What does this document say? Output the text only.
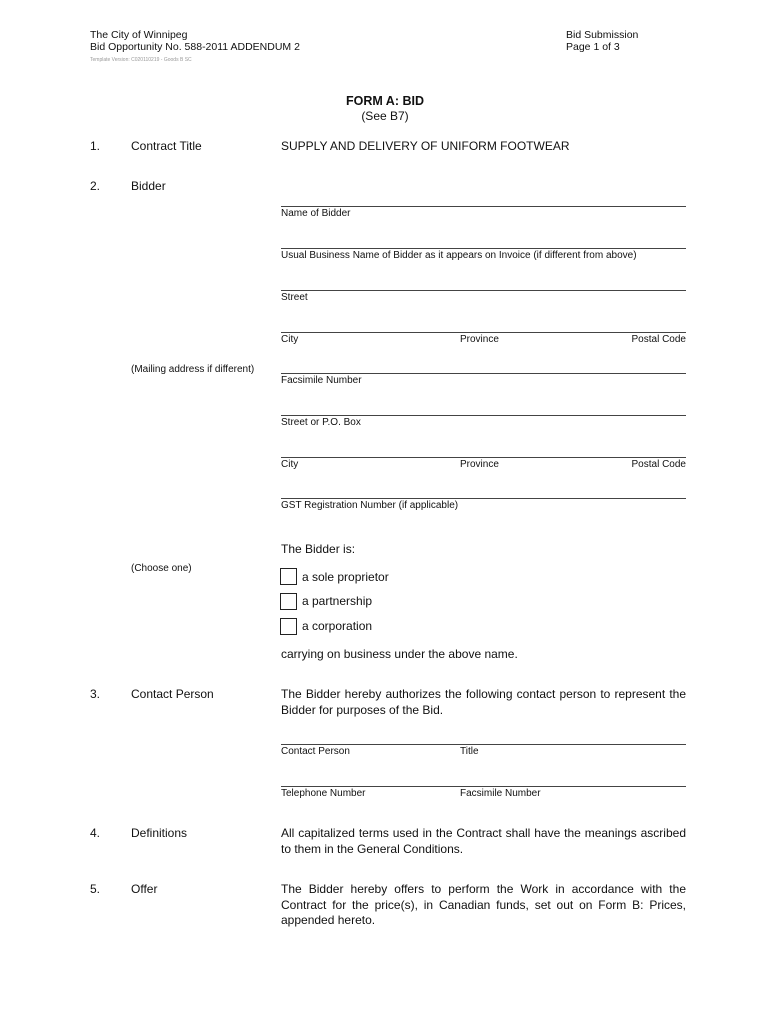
The City of Winnipeg
Bid Opportunity No. 588-2011 ADDENDUM 2
Bid Submission
Page 1 of 3
Template Version: C020110219 - Goods B SC
FORM A: BID
(See B7)
1.	Contract Title	SUPPLY AND DELIVERY OF UNIFORM FOOTWEAR
2.	Bidder
Name of Bidder
Usual Business Name of Bidder as it appears on Invoice (if different from above)
Street
City	Province	Postal Code
(Mailing address if different)
Facsimile Number
Street or P.O. Box
City	Province	Postal Code
GST Registration Number (if applicable)
The Bidder is:
(Choose one)
a sole proprietor
a partnership
a corporation
carrying on business under the above name.
3.	Contact Person	The Bidder hereby authorizes the following contact person to represent the Bidder for purposes of the Bid.
Contact Person	Title
Telephone Number	Facsimile Number
4.	Definitions	All capitalized terms used in the Contract shall have the meanings ascribed to them in the General Conditions.
5.	Offer	The Bidder hereby offers to perform the Work in accordance with the Contract for the price(s), in Canadian funds, set out on Form B: Prices, appended hereto.
